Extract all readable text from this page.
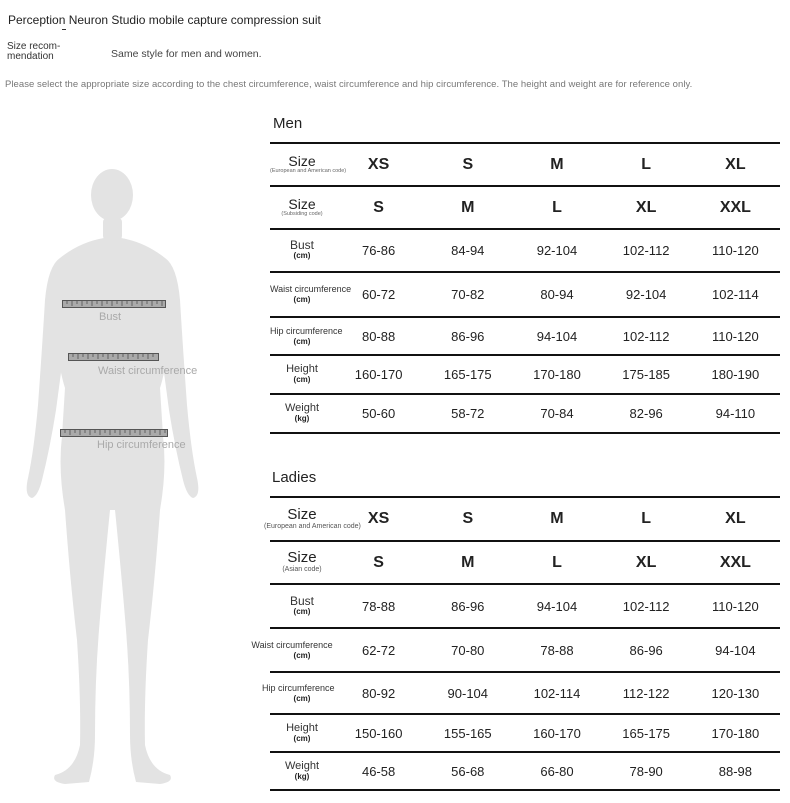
Perception Neuron Studio mobile capture compression suit
Size recom-
mendation	Same style for men and women.
Please select the appropriate size according to the chest circumference, waist circumference and hip circumference. The height and weight are for reference only.
Bust
Waist circumference
Hip circumference
Men
Size
(European and American code)	XS	S	M	L	XL

Size
(Subsiding code)	S	M	L	XL	XXL

Bust
(cm)	76-86	84-94	92-104	102-112	110-120

Waist circumference
(cm)	60-72	70-82	80-94	92-104	102-114

Hip circumference
(cm)	80-88	86-96	94-104	102-112	110-120

Height
(cm)	160-170	165-175	170-180	175-185	180-190

Weight
(kg)	50-60	58-72	70-84	82-96	94-110
Ladies
Size
(European and American code)	XS	S	M	L	XL

Size
(Asian code)	S	M	L	XL	XXL

Bust
(cm)	78-88	86-96	94-104	102-112	110-120

Waist circumference
(cm)	62-72	70-80	78-88	86-96	94-104

Hip circumference
(cm)	80-92	90-104	102-114	112-122	120-130

Height
(cm)	150-160	155-165	160-170	165-175	170-180

Weight
(kg)	46-58	56-68	66-80	78-90	88-98
